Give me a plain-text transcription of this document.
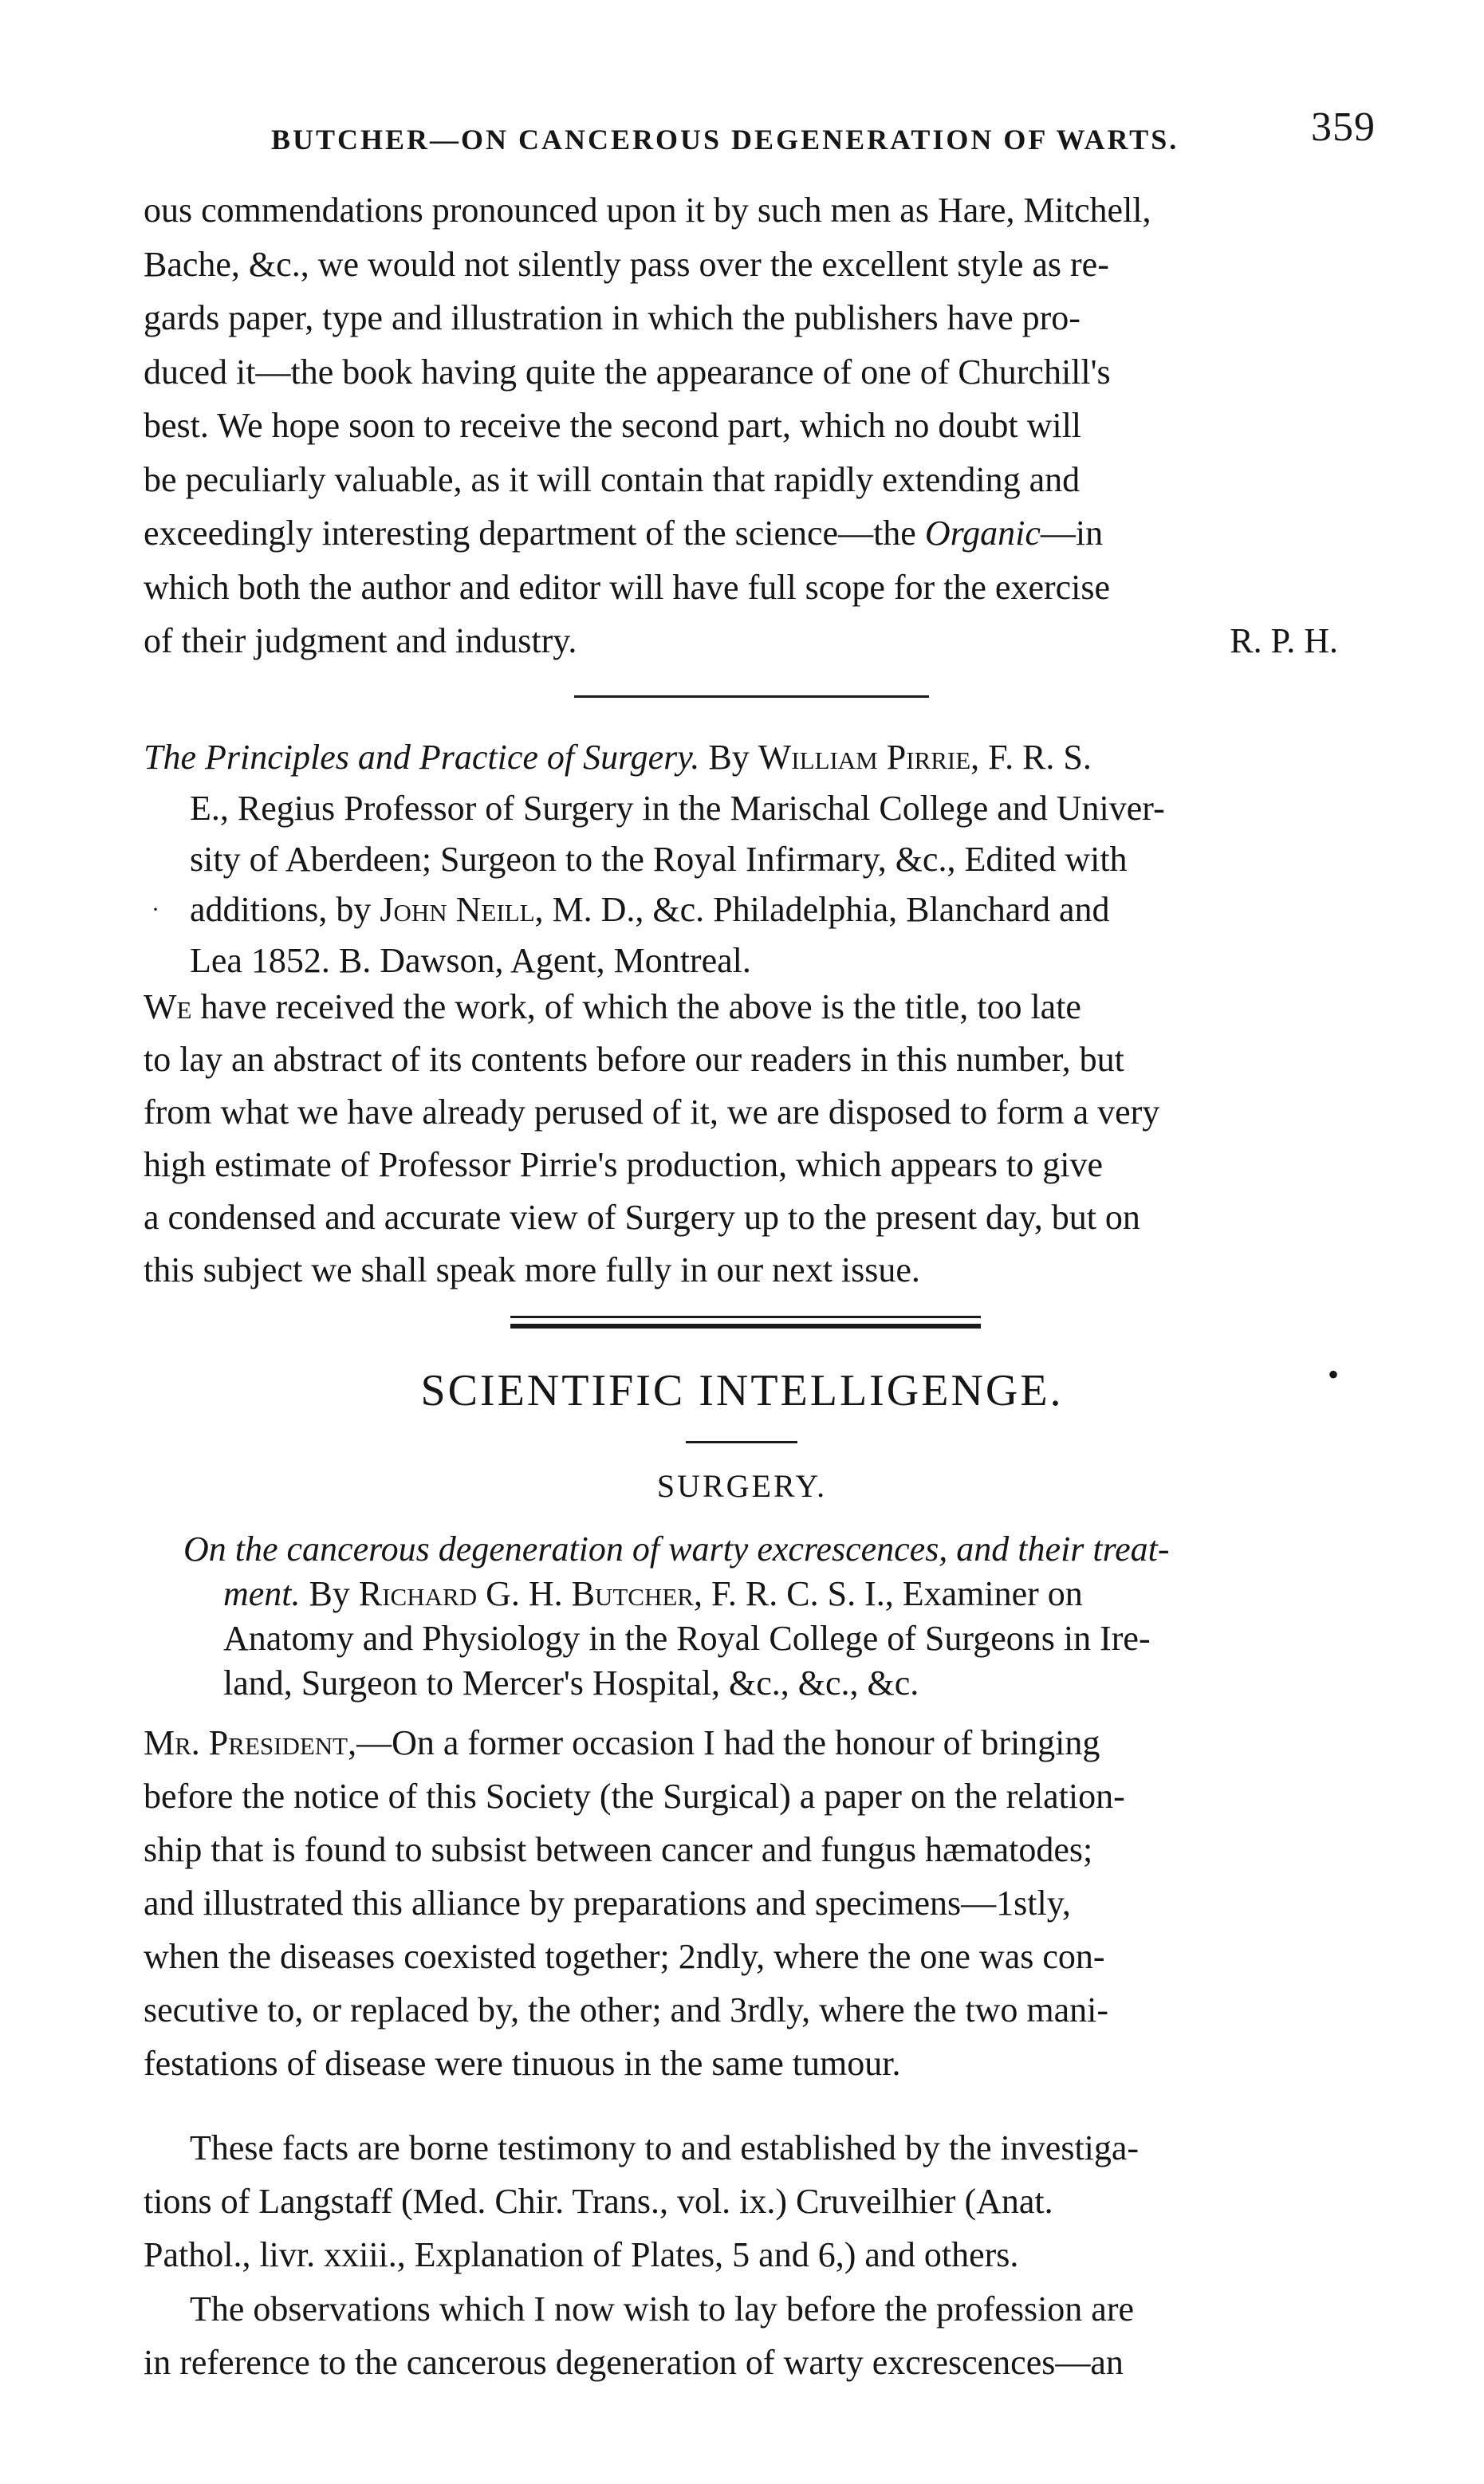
BUTCHER—ON CANCEROUS DEGENERATION OF WARTS.	359
ous commendations pronounced upon it by such men as Hare, Mitchell,
Bache, &c., we would not silently pass over the excellent style as re-
gards paper, type and illustration in which the publishers have pro-
duced it—the book having quite the appearance of one of Churchill's
best. We hope soon to receive the second part, which no doubt will
be peculiarly valuable, as it will contain that rapidly extending and
exceedingly interesting department of the science—the Organic—in
which both the author and editor will have full scope for the exercise
of their judgment and industry.	R. P. H.
The Principles and Practice of Surgery. By William Pirrie, F. R. S.
E., Regius Professor of Surgery in the Marischal College and Univer-
sity of Aberdeen; Surgeon to the Royal Infirmary, &c., Edited with
· additions, by John Neill, M. D., &c. Philadelphia, Blanchard and
Lea 1852. B. Dawson, Agent, Montreal.
We have received the work, of which the above is the title, too late
to lay an abstract of its contents before our readers in this number, but
from what we have already perused of it, we are disposed to form a very
high estimate of Professor Pirrie's production, which appears to give
a condensed and accurate view of Surgery up to the present day, but on
this subject we shall speak more fully in our next issue.
SCIENTIFIC INTELLIGENGE.	•
SURGERY.
On the cancerous degeneration of warty excrescences, and their treat-
ment. By Richard G. H. Butcher, F. R. C. S. I., Examiner on
Anatomy and Physiology in the Royal College of Surgeons in Ire-
land, Surgeon to Mercer's Hospital, &c., &c., &c.
Mr. President,—On a former occasion I had the honour of bringing
before the notice of this Society (the Surgical) a paper on the relation-
ship that is found to subsist between cancer and fungus hæmatodes;
and illustrated this alliance by preparations and specimens—1stly,
when the diseases coexisted together; 2ndly, where the one was con-
secutive to, or replaced by, the other; and 3rdly, where the two mani-
festations of disease were tinuous in the same tumour.
These facts are borne testimony to and established by the investiga-
tions of Langstaff (Med. Chir. Trans., vol. ix.) Cruveilhier (Anat.
Pathol., livr. xxiii., Explanation of Plates, 5 and 6,) and others.
The observations which I now wish to lay before the profession are
in reference to the cancerous degeneration of warty excrescences—an
